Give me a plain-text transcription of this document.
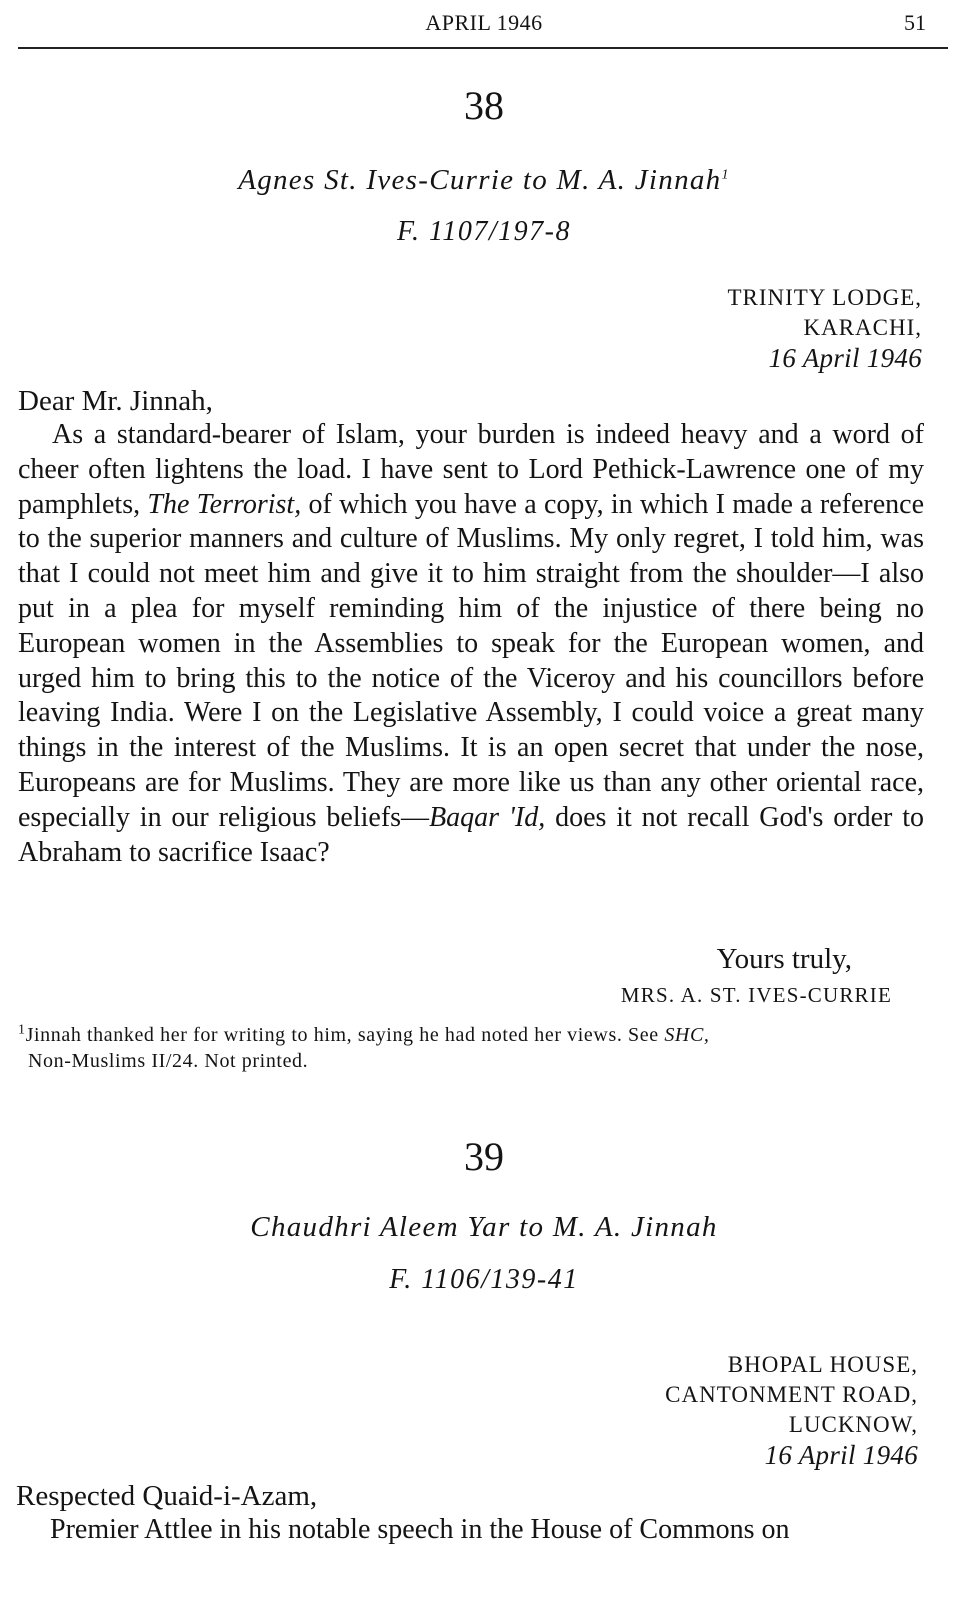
APRIL 1946	51
38
Agnes St. Ives-Currie to M. A. Jinnah$^1$
F. 1107/197-8
TRINITY LODGE,
KARACHI,
16 April 1946
Dear Mr. Jinnah,

As a standard-bearer of Islam, your burden is indeed heavy and a word of cheer often lightens the load. I have sent to Lord Pethick-Lawrence one of my pamphlets, The Terrorist, of which you have a copy, in which I made a reference to the superior manners and culture of Muslims. My only regret, I told him, was that I could not meet him and give it to him straight from the shoulder—I also put in a plea for myself reminding him of the injustice of there being no European women in the Assemblies to speak for the European women, and urged him to bring this to the notice of the Viceroy and his councillors before leaving India. Were I on the Legislative Assembly, I could voice a great many things in the interest of the Muslims. It is an open secret that under the nose, Europeans are for Muslims. They are more like us than any other oriental race, especially in our religious beliefs—Baqar 'Id, does it not recall God's order to Abraham to sacrifice Isaac?

Yours truly,
MRS. A. ST. IVES-CURRIE
$^1$Jinnah thanked her for writing to him, saying he had noted her views. See SHC,
Non-Muslims II/24. Not printed.
39
Chaudhri Aleem Yar to M. A. Jinnah
F. 1106/139-41
BHOPAL HOUSE,
CANTONMENT ROAD,
LUCKNOW,
16 April 1946
Respected Quaid-i-Azam,

Premier Attlee in his notable speech in the House of Commons on
